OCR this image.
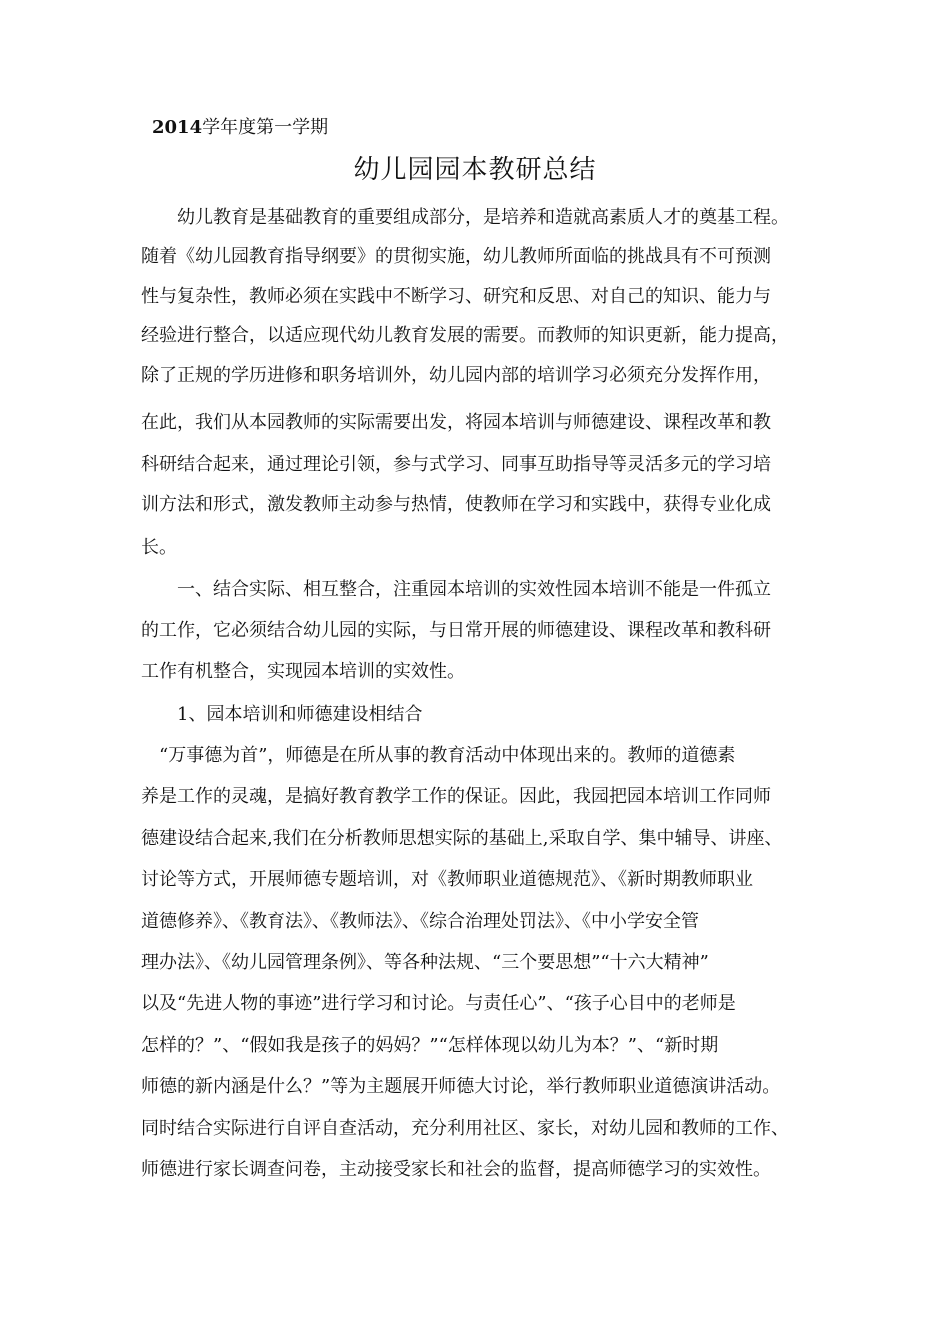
2014学年度第一学期
幼儿园园本教研总结
幼儿教育是基础教育的重要组成部分，是培养和造就高素质人才的奠基工程。
随着《幼儿园教育指导纲要》的贯彻实施，幼儿教师所面临的挑战具有不可预测
性与复杂性，教师必须在实践中不断学习、研究和反思、对自己的知识、能力与
经验进行整合，以适应现代幼儿教育发展的需要。而教师的知识更新，能力提高，
除了正规的学历进修和职务培训外，幼儿园内部的培训学习必须充分发挥作用，
在此，我们从本园教师的实际需要出发，将园本培训与师德建设、课程改革和教
科研结合起来，通过理论引领，参与式学习、同事互助指导等灵活多元的学习培
训方法和形式，激发教师主动参与热情，使教师在学习和实践中，获得专业化成
长。
一、结合实际、相互整合，注重园本培训的实效性园本培训不能是一件孤立
的工作，它必须结合幼儿园的实际，与日常开展的师德建设、课程改革和教科研
工作有机整合，实现园本培训的实效性。
1、园本培训和师德建设相结合
“万事德为首”，师德是在所从事的教育活动中体现出来的。教师的道德素
养是工作的灵魂，是搞好教育教学工作的保证。因此，我园把园本培训工作同师
德建设结合起来,我们在分析教师思想实际的基础上,采取自学、集中辅导、讲座、
讨论等方式，开展师德专题培训，对《教师职业道德规范》、《新时期教师职业
道德修养》、《教育法》、《教师法》、《综合治理处罚法》、《中小学安全管
理办法》、《幼儿园管理条例》、等各种法规、“三个要思想”“十六大精神”
以及“先进人物的事迹”进行学习和讨论。与责任心”、“孩子心目中的老师是
怎样的？”、“假如我是孩子的妈妈？”“怎样体现以幼儿为本？”、“新时期
师德的新内涵是什么？”等为主题展开师德大讨论，举行教师职业道德演讲活动。
同时结合实际进行自评自查活动，充分利用社区、家长，对幼儿园和教师的工作、
师德进行家长调查问卷，主动接受家长和社会的监督，提高师德学习的实效性。
